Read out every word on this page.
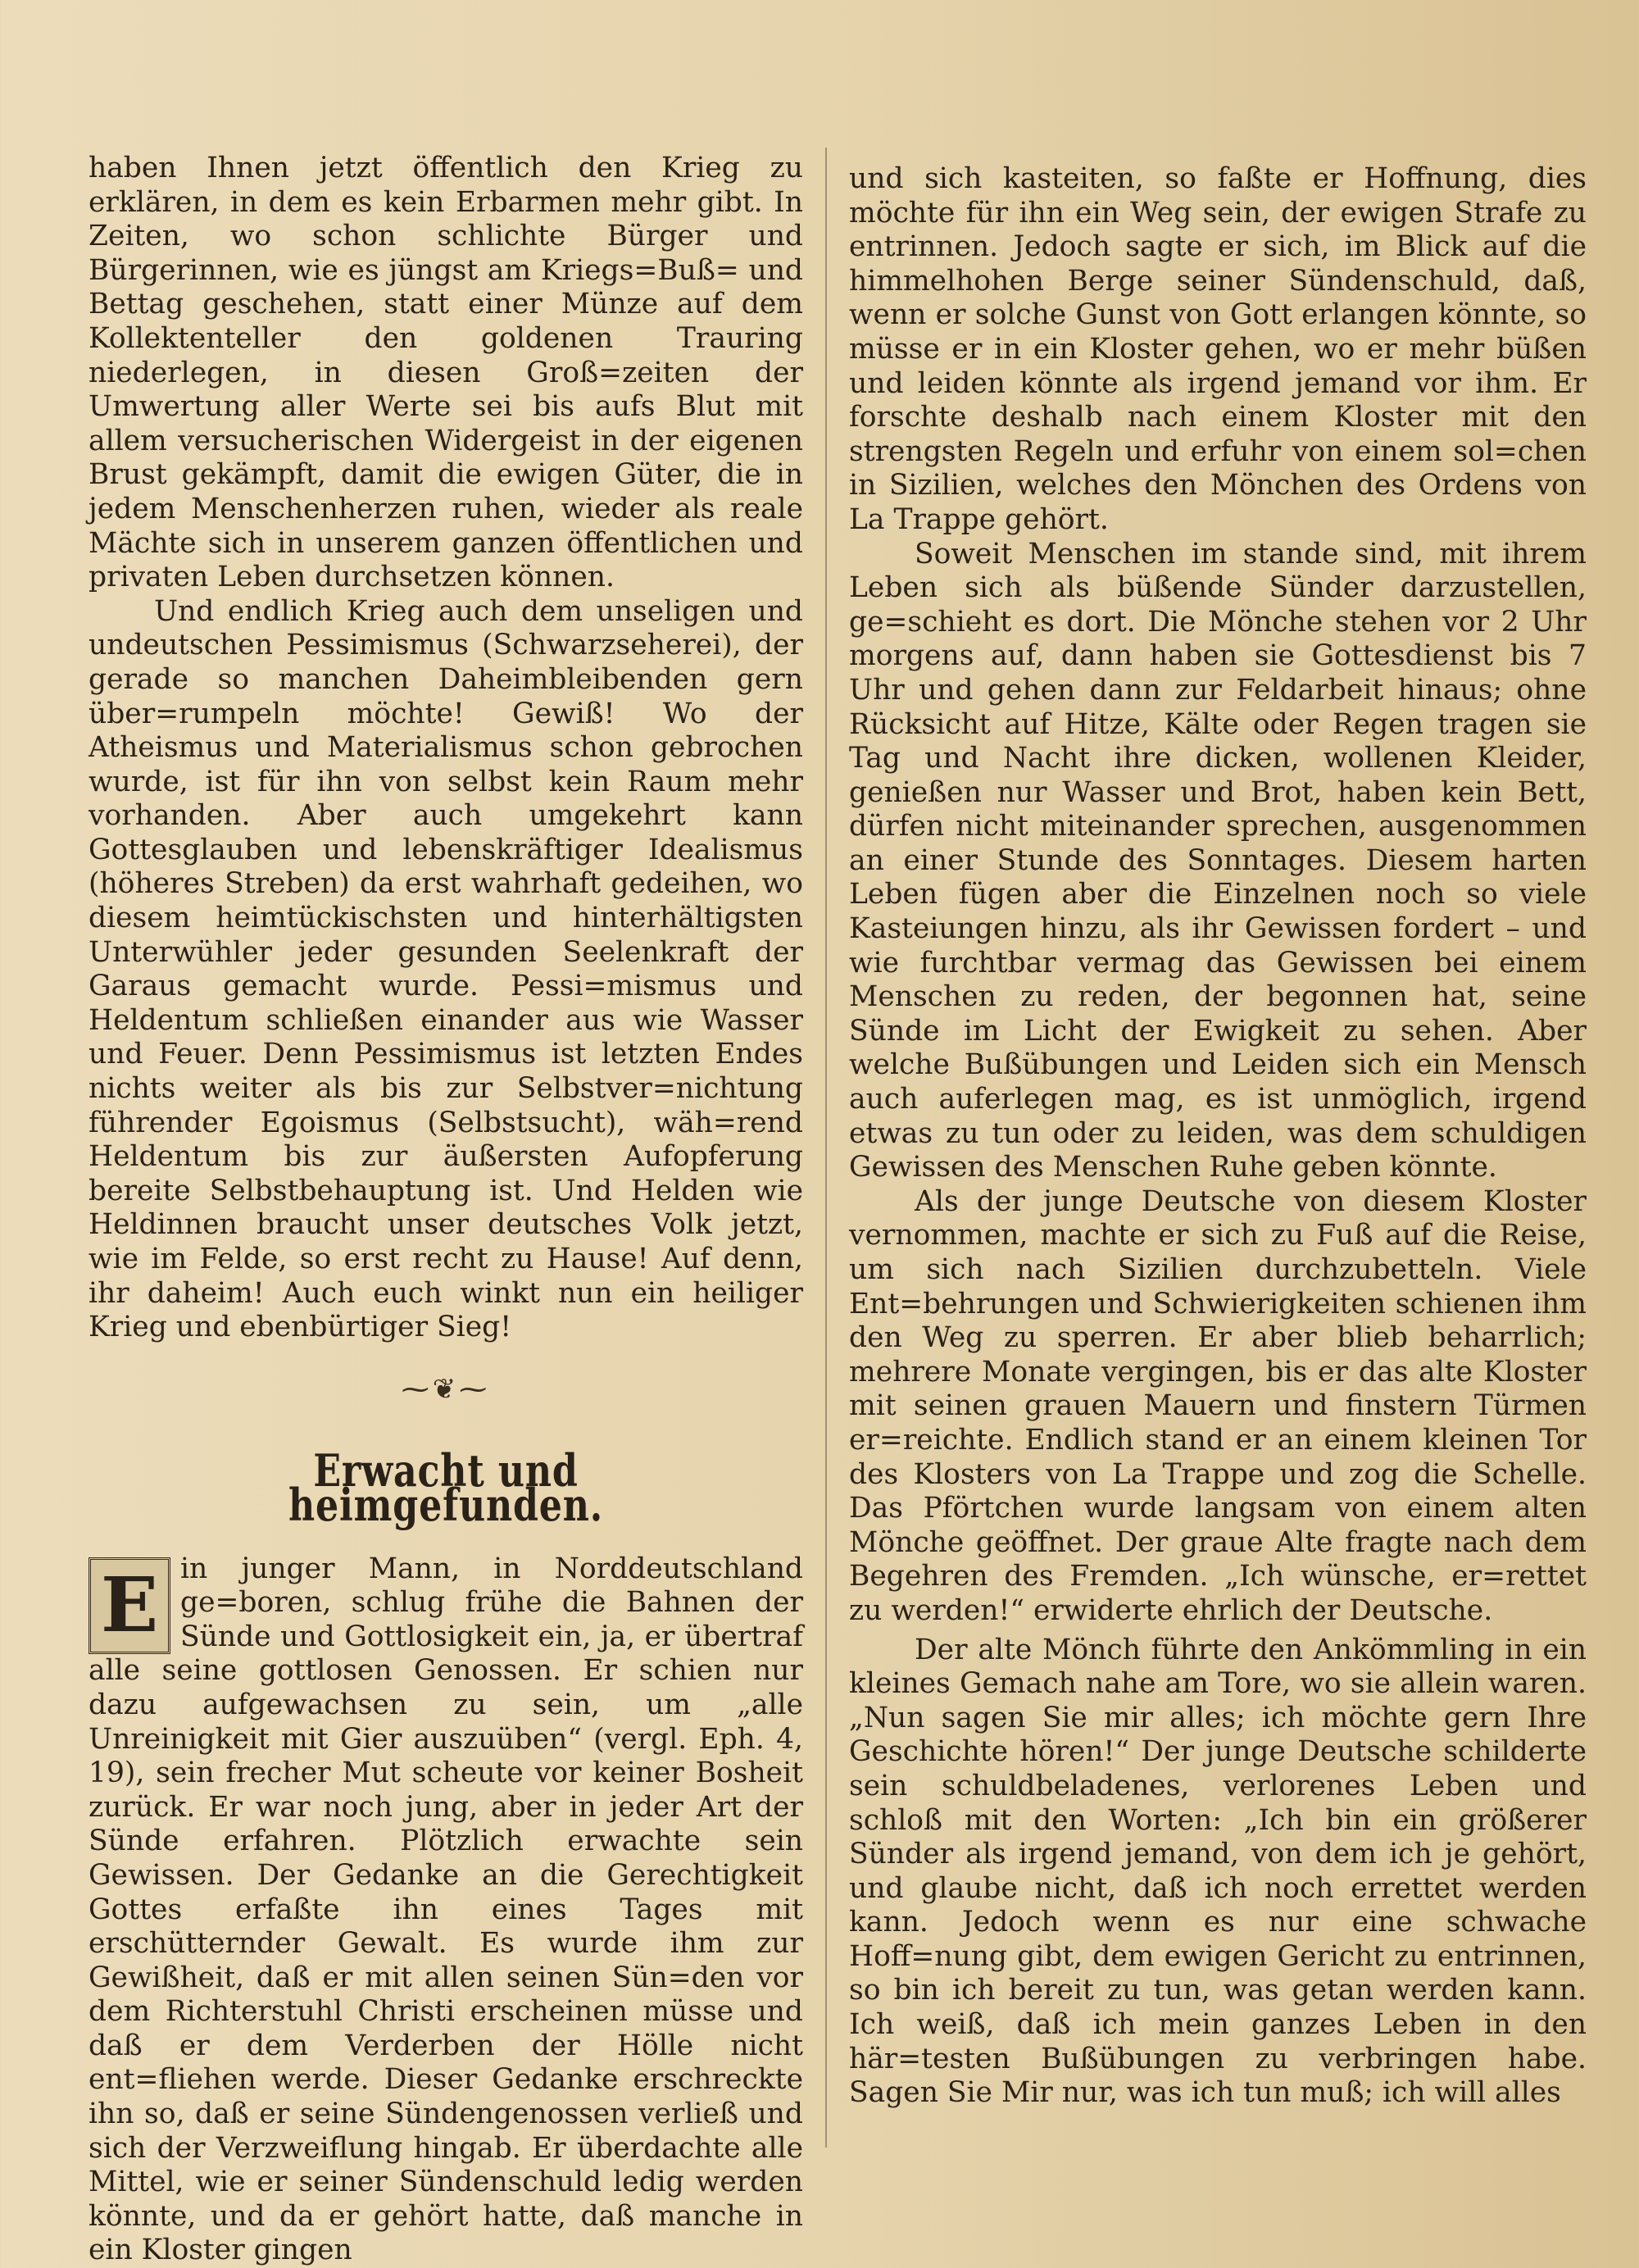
haben Ihnen jetzt öffentlich den Krieg zu erklären, in dem es kein Erbarmen mehr gibt. In Zeiten, wo schon schlichte Bürger und Bürgerinnen, wie es jüngst am Kriegs=Buß= und Bettag geschehen, statt einer Münze auf dem Kollektenteller den goldenen Trauring niederlegen, in diesen Groß=zeiten der Umwertung aller Werte sei bis aufs Blut mit allem versucherischen Widergeist in der eigenen Brust gekämpft, damit die ewigen Güter, die in jedem Menschenherzen ruhen, wieder als reale Mächte sich in unserem ganzen öffentlichen und privaten Leben durchsetzen können.

Und endlich Krieg auch dem unseligen und undeutschen Pessimismus (Schwarzseherei), der gerade so manchen Daheimbleibenden gern über=rumpeln möchte! Gewiß! Wo der Atheismus und Materialismus schon gebrochen wurde, ist für ihn von selbst kein Raum mehr vorhanden. Aber auch umgekehrt kann Gottesglauben und lebenskräftiger Idealismus (höheres Streben) da erst wahrhaft gedeihen, wo diesem heimtückischsten und hinterhältigsten Unterwühler jeder gesunden Seelenkraft der Garaus gemacht wurde. Pessi=mismus und Heldentum schließen einander aus wie Wasser und Feuer. Denn Pessimismus ist letzten Endes nichts weiter als bis zur Selbstver=nichtung führender Egoismus (Selbstsucht), wäh=rend Heldentum bis zur äußersten Aufopferung bereite Selbstbehauptung ist. Und Helden wie Heldinnen braucht unser deutsches Volk jetzt, wie im Felde, so erst recht zu Hause! Auf denn, ihr daheim! Auch euch winkt nun ein heiliger Krieg und ebenbürtiger Sieg!

⁓❦⁓
Erwacht und heimgefunden.

E in junger Mann, in Norddeutschland ge=boren, schlug frühe die Bahnen der Sünde und Gottlosigkeit ein, ja, er übertraf alle seine gottlosen Genossen. Er schien nur dazu aufgewachsen zu sein, um „alle Unreinigkeit mit Gier auszuüben“ (vergl. Eph. 4, 19), sein frecher Mut scheute vor keiner Bosheit zurück. Er war noch jung, aber in jeder Art der Sünde erfahren. Plötzlich erwachte sein Gewissen. Der Gedanke an die Gerechtigkeit Gottes erfaßte ihn eines Tages mit erschütternder Gewalt. Es wurde ihm zur Gewißheit, daß er mit allen seinen Sün=den vor dem Richterstuhl Christi erscheinen müsse und daß er dem Verderben der Hölle nicht ent=fliehen werde. Dieser Gedanke erschreckte ihn so, daß er seine Sündengenossen verließ und sich der Verzweiflung hingab. Er überdachte alle Mittel, wie er seiner Sündenschuld ledig werden könnte, und da er gehört hatte, daß manche in ein Kloster gingen

und sich kasteiten, so faßte er Hoffnung, dies möchte für ihn ein Weg sein, der ewigen Strafe zu entrinnen. Jedoch sagte er sich, im Blick auf die himmelhohen Berge seiner Sündenschuld, daß, wenn er solche Gunst von Gott erlangen könnte, so müsse er in ein Kloster gehen, wo er mehr büßen und leiden könnte als irgend jemand vor ihm. Er forschte deshalb nach einem Kloster mit den strengsten Regeln und erfuhr von einem sol=chen in Sizilien, welches den Mönchen des Ordens von La Trappe gehört.

Soweit Menschen im stande sind, mit ihrem Leben sich als büßende Sünder darzustellen, ge=schieht es dort. Die Mönche stehen vor 2 Uhr morgens auf, dann haben sie Gottesdienst bis 7 Uhr und gehen dann zur Feldarbeit hinaus; ohne Rücksicht auf Hitze, Kälte oder Regen tragen sie Tag und Nacht ihre dicken, wollenen Kleider, genießen nur Wasser und Brot, haben kein Bett, dürfen nicht miteinander sprechen, ausgenommen an einer Stunde des Sonntages. Diesem harten Leben fügen aber die Einzelnen noch so viele Kasteiungen hinzu, als ihr Gewissen fordert – und wie furchtbar vermag das Gewissen bei einem Menschen zu reden, der begonnen hat, seine Sünde im Licht der Ewigkeit zu sehen. Aber welche Bußübungen und Leiden sich ein Mensch auch auferlegen mag, es ist unmöglich, irgend etwas zu tun oder zu leiden, was dem schuldigen Gewissen des Menschen Ruhe geben könnte.

Als der junge Deutsche von diesem Kloster vernommen, machte er sich zu Fuß auf die Reise, um sich nach Sizilien durchzubetteln. Viele Ent=behrungen und Schwierigkeiten schienen ihm den Weg zu sperren. Er aber blieb beharrlich; mehrere Monate vergingen, bis er das alte Kloster mit seinen grauen Mauern und finstern Türmen er=reichte. Endlich stand er an einem kleinen Tor des Klosters von La Trappe und zog die Schelle. Das Pförtchen wurde langsam von einem alten Mönche geöffnet. Der graue Alte fragte nach dem Begehren des Fremden. „Ich wünsche, er=rettet zu werden!“ erwiderte ehrlich der Deutsche.

Der alte Mönch führte den Ankömmling in ein kleines Gemach nahe am Tore, wo sie allein waren. „Nun sagen Sie mir alles; ich möchte gern Ihre Geschichte hören!“ Der junge Deutsche schilderte sein schuldbeladenes, verlorenes Leben und schloß mit den Worten: „Ich bin ein größerer Sünder als irgend jemand, von dem ich je gehört, und glaube nicht, daß ich noch errettet werden kann. Jedoch wenn es nur eine schwache Hoff=nung gibt, dem ewigen Gericht zu entrinnen, so bin ich bereit zu tun, was getan werden kann. Ich weiß, daß ich mein ganzes Leben in den här=testen Bußübungen zu verbringen habe. Sagen Sie Mir nur, was ich tun muß; ich will alles
